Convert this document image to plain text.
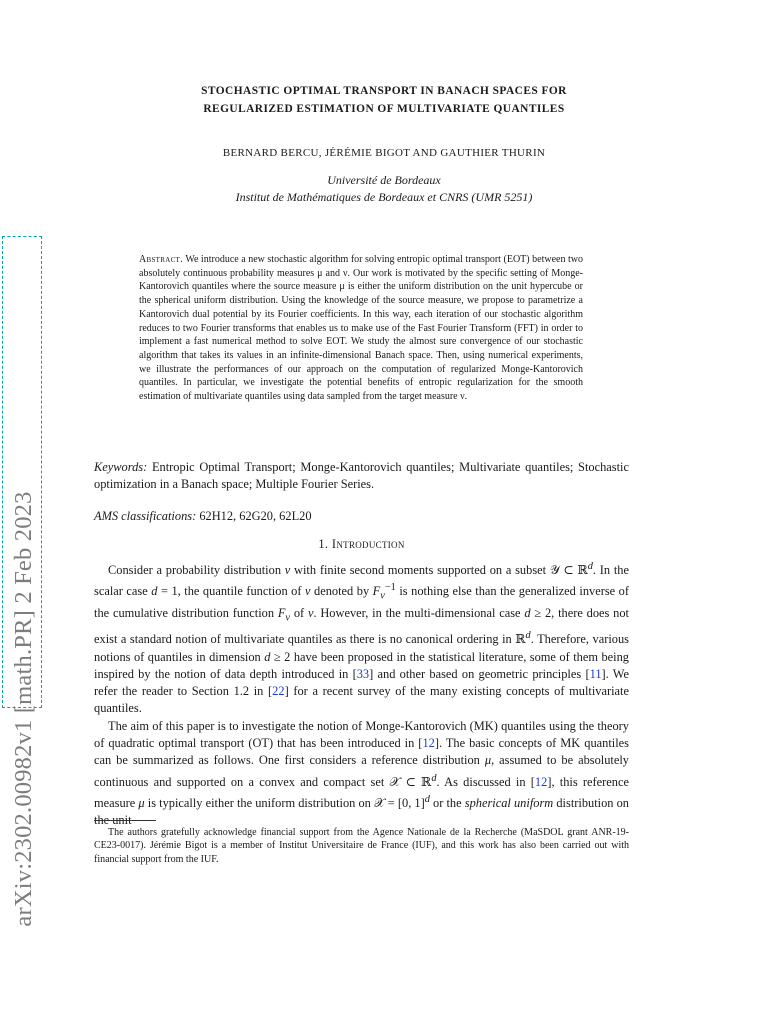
arXiv:2302.00982v1 [math.PR] 2 Feb 2023
STOCHASTIC OPTIMAL TRANSPORT IN BANACH SPACES FOR
REGULARIZED ESTIMATION OF MULTIVARIATE QUANTILES
BERNARD BERCU, JÉRÉMIE BIGOT AND GAUTHIER THURIN
Université de Bordeaux
Institut de Mathématiques de Bordeaux et CNRS (UMR 5251)
Abstract. We introduce a new stochastic algorithm for solving entropic optimal transport (EOT) between two absolutely continuous probability measures μ and ν. Our work is motivated by the specific setting of Monge-Kantorovich quantiles where the source measure μ is either the uniform distribution on the unit hypercube or the spherical uniform distribution. Using the knowledge of the source measure, we propose to parametrize a Kantorovich dual potential by its Fourier coefficients. In this way, each iteration of our stochastic algorithm reduces to two Fourier transforms that enables us to make use of the Fast Fourier Transform (FFT) in order to implement a fast numerical method to solve EOT. We study the almost sure convergence of our stochastic algorithm that takes its values in an infinite-dimensional Banach space. Then, using numerical experiments, we illustrate the performances of our approach on the computation of regularized Monge-Kantorovich quantiles. In particular, we investigate the potential benefits of entropic regularization for the smooth estimation of multivariate quantiles using data sampled from the target measure ν.
Keywords: Entropic Optimal Transport; Monge-Kantorovich quantiles; Multivariate quantiles; Stochastic optimization in a Banach space; Multiple Fourier Series.
AMS classifications: 62H12, 62G20, 62L20
1. Introduction

Consider a probability distribution ν with finite second moments supported on a subset 𝒴 ⊂ ℝ$^d$. In the scalar case d = 1, the quantile function of ν denoted by $F_\nu^{-1}$ is nothing else than the generalized inverse of the cumulative distribution function $F_\nu$ of ν. However, in the multi-dimensional case d ≥ 2, there does not exist a standard notion of multivariate quantiles as there is no canonical ordering in ℝ$^d$. Therefore, various notions of quantiles in dimension d ≥ 2 have been proposed in the statistical literature, some of them being inspired by the notion of data depth introduced in [33] and other based on geometric principles [11]. We refer the reader to Section 1.2 in [22] for a recent survey of the many existing concepts of multivariate quantiles.

The aim of this paper is to investigate the notion of Monge-Kantorovich (MK) quantiles using the theory of quadratic optimal transport (OT) that has been introduced in [12]. The basic concepts of MK quantiles can be summarized as follows. One first considers a reference distribution μ, assumed to be absolutely continuous and supported on a convex and compact set 𝒳 ⊂ ℝ$^d$. As discussed in [12], this reference measure μ is typically either the uniform distribution on 𝒳 = [0, 1]$^d$ or the spherical uniform distribution on the unit

The authors gratefully acknowledge financial support from the Agence Nationale de la Recherche (MaSDOL grant ANR-19-CE23-0017). Jérémie Bigot is a member of Institut Universitaire de France (IUF), and this work has also been carried out with financial support from the IUF.
